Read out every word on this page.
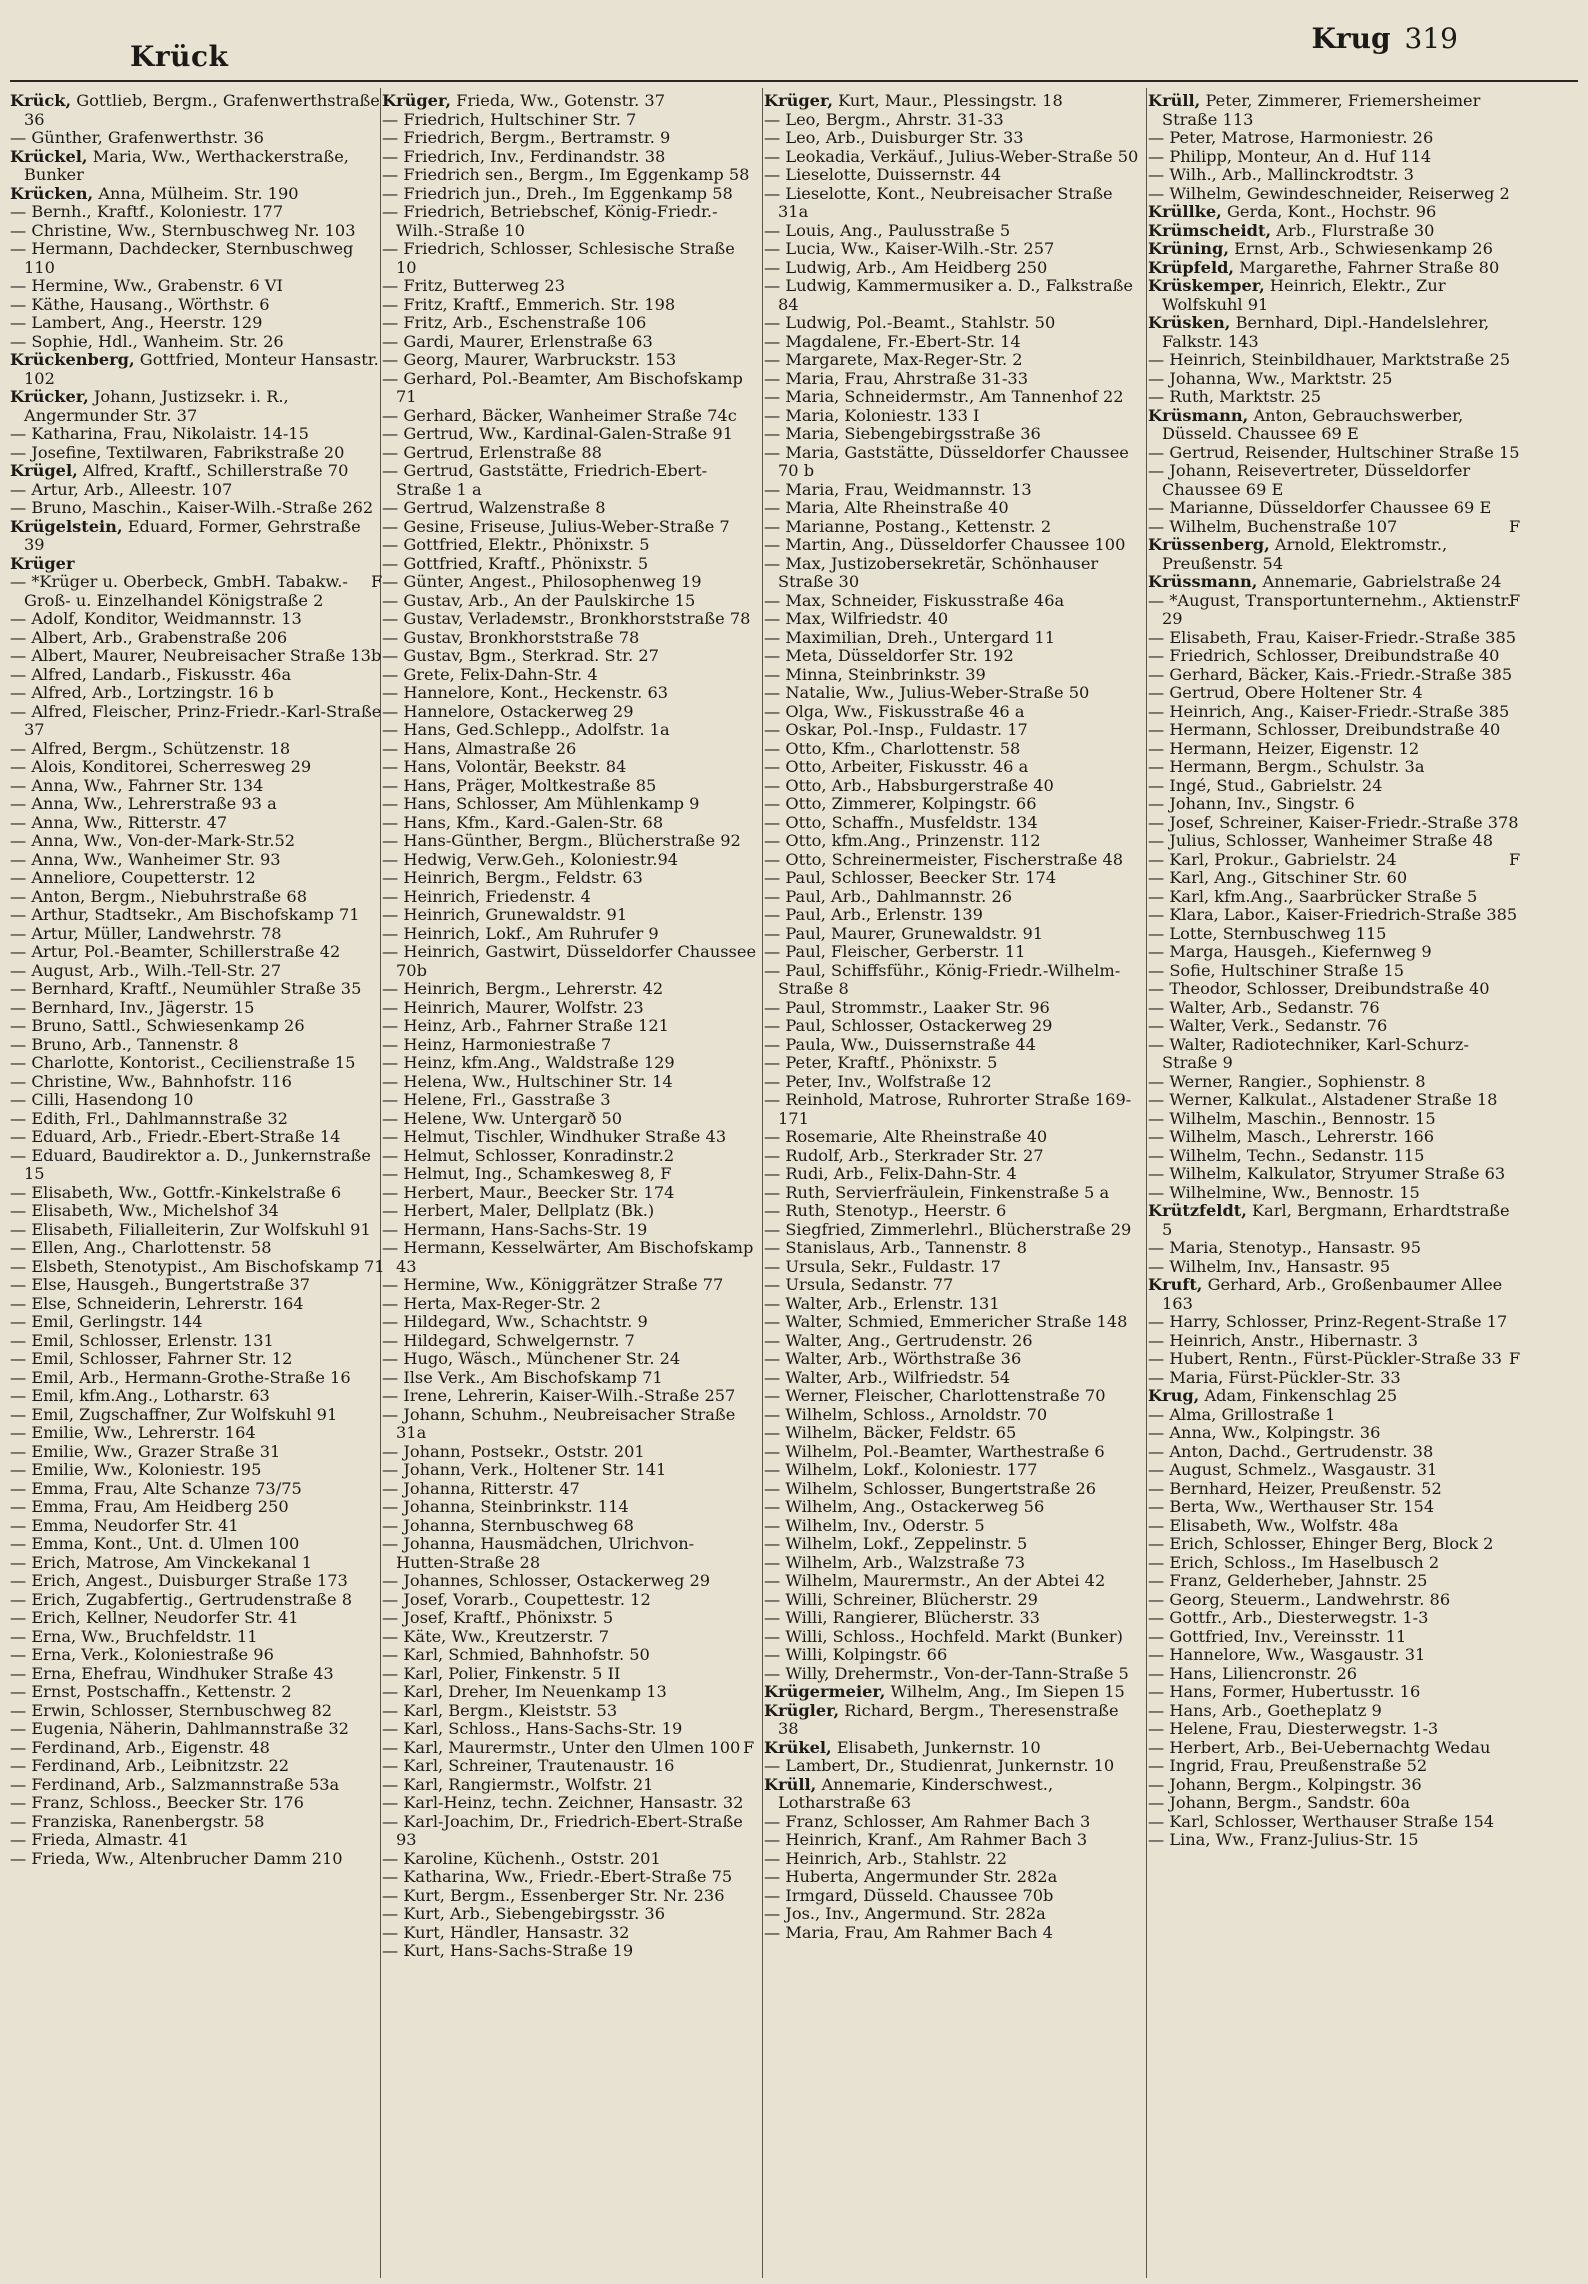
Krück
Krug 319
Krück, Gottlieb, Bergm., Grafenwerthstraße 36
— Günther, Grafenwerthstr. 36
Krückel, Maria, Ww., Werthackerstraße, Bunker
Krücken, Anna, Mülheim. Str. 190
— Bernh., Kraftf., Koloniestr. 177
— Christine, Ww., Sternbuschweg Nr. 103
— Hermann, Dachdecker, Sternbuschweg 110
— Hermine, Ww., Grabenstr. 6 VI
— Käthe, Hausang., Wörthstr. 6
— Lambert, Ang., Heerstr. 129
— Sophie, Hdl., Wanheim. Str. 26
Krückenberg, Gottfried, Monteur Hansastr. 102
Krücker, Johann, Justizsekr. i. R., Angermunder Str. 37
— Katharina, Frau, Nikolaistr. 14-15
— Josefine, Textilwaren, Fabrikstraße 20
Krügel, Alfred, Kraftf., Schillerstraße 70
— Artur, Arb., Alleestr. 107
— Bruno, Maschin., Kaiser-Wilh.-Straße 262
Krügelstein, Eduard, Former, Gehrstraße 39
Krüger
F
— *Krüger u. Oberbeck, GmbH. Tabakw.-Groß- u. Einzelhandel Königstraße 2
— Adolf, Konditor, Weidmannstr. 13
— Albert, Arb., Grabenstraße 206
— Albert, Maurer, Neubreisacher Straße 13b
— Alfred, Landarb., Fiskusstr. 46a
— Alfred, Arb., Lortzingstr. 16 b
— Alfred, Fleischer, Prinz-Friedr.-Karl-Straße 37
— Alfred, Bergm., Schützenstr. 18
— Alois, Konditorei, Scherresweg 29
— Anna, Ww., Fahrner Str. 134
— Anna, Ww., Lehrerstraße 93 a
— Anna, Ww., Ritterstr. 47
— Anna, Ww., Von-der-Mark-Str.52
— Anna, Ww., Wanheimer Str. 93
— Anneliore, Coupetterstr. 12
— Anton, Bergm., Niebuhrstraße 68
— Arthur, Stadtsekr., Am Bischofskamp 71
— Artur, Müller, Landwehrstr. 78
— Artur, Pol.-Beamter, Schillerstraße 42
— August, Arb., Wilh.-Tell-Str. 27
— Bernhard, Kraftf., Neumühler Straße 35
— Bernhard, Inv., Jägerstr. 15
— Bruno, Sattl., Schwiesenkamp 26
— Bruno, Arb., Tannenstr. 8
— Charlotte, Kontorist., Cecilienstraße 15
— Christine, Ww., Bahnhofstr. 116
— Cilli, Hasendong 10
— Edith, Frl., Dahlmannstraße 32
— Eduard, Arb., Friedr.-Ebert-Straße 14
— Eduard, Baudirektor a. D., Junkernstraße 15
— Elisabeth, Ww., Gottfr.-Kinkelstraße 6
— Elisabeth, Ww., Michelshof 34
— Elisabeth, Filialleiterin, Zur Wolfskuhl 91
— Ellen, Ang., Charlottenstr. 58
— Elsbeth, Stenotypist., Am Bischofskamp 71
— Else, Hausgeh., Bungertstraße 37
— Else, Schneiderin, Lehrerstr. 164
— Emil, Gerlingstr. 144
— Emil, Schlosser, Erlenstr. 131
— Emil, Schlosser, Fahrner Str. 12
— Emil, Arb., Hermann-Grothe-Straße 16
— Emil, kfm.Ang., Lotharstr. 63
— Emil, Zugschaffner, Zur Wolfskuhl 91
— Emilie, Ww., Lehrerstr. 164
— Emilie, Ww., Grazer Straße 31
— Emilie, Ww., Koloniestr. 195
— Emma, Frau, Alte Schanze 73/75
— Emma, Frau, Am Heidberg 250
— Emma, Neudorfer Str. 41
— Emma, Kont., Unt. d. Ulmen 100
— Erich, Matrose, Am Vinckekanal 1
— Erich, Angest., Duisburger Straße 173
— Erich, Zugabfertig., Gertrudenstraße 8
— Erich, Kellner, Neudorfer Str. 41
— Erna, Ww., Bruchfeldstr. 11
— Erna, Verk., Koloniestraße 96
— Erna, Ehefrau, Windhuker Straße 43
— Ernst, Postschaffn., Kettenstr. 2
— Erwin, Schlosser, Sternbuschweg 82
— Eugenia, Näherin, Dahlmannstraße 32
— Ferdinand, Arb., Eigenstr. 48
— Ferdinand, Arb., Leibnitzstr. 22
— Ferdinand, Arb., Salzmannstraße 53a
— Franz, Schloss., Beecker Str. 176
— Franziska, Ranenbergstr. 58
— Frieda, Almastr. 41
— Frieda, Ww., Altenbrucher Damm 210
Krüger, Frieda, Ww., Gotenstr. 37
— Friedrich, Hultschiner Str. 7
— Friedrich, Bergm., Bertramstr. 9
— Friedrich, Inv., Ferdinandstr. 38
— Friedrich sen., Bergm., Im Eggenkamp 58
— Friedrich jun., Dreh., Im Eggenkamp 58
— Friedrich, Betriebschef, König-Friedr.-Wilh.-Straße 10
— Friedrich, Schlosser, Schlesische Straße 10
— Fritz, Butterweg 23
— Fritz, Kraftf., Emmerich. Str. 198
— Fritz, Arb., Eschenstraße 106
— Gardi, Maurer, Erlenstraße 63
— Georg, Maurer, Warbruckstr. 153
— Gerhard, Pol.-Beamter, Am Bischofskamp 71
— Gerhard, Bäcker, Wanheimer Straße 74c
— Gertrud, Ww., Kardinal-Galen-Straße 91
— Gertrud, Erlenstraße 88
— Gertrud, Gaststätte, Friedrich-Ebert-Straße 1 a
— Gertrud, Walzenstraße 8
— Gesine, Friseuse, Julius-Weber-Straße 7
— Gottfried, Elektr., Phönixstr. 5
— Gottfried, Kraftf., Phönixstr. 5
— Günter, Angest., Philosophenweg 19
— Gustav, Arb., An der Paulskirche 15
— Gustav, Verladeмstr., Bronkhorststraße 78
— Gustav, Bronkhorststraße 78
— Gustav, Bgm., Sterkrad. Str. 27
— Grete, Felix-Dahn-Str. 4
— Hannelore, Kont., Heckenstr. 63
— Hannelore, Ostackerweg 29
— Hans, Ged.Schlepp., Adolfstr. 1a
— Hans, Almastraße 26
— Hans, Volontär, Beekstr. 84
— Hans, Präger, Moltkestraße 85
— Hans, Schlosser, Am Mühlenkamp 9
— Hans, Kfm., Kard.-Galen-Str. 68
— Hans-Günther, Bergm., Blücherstraße 92
— Hedwig, Verw.Geh., Koloniestr.94
— Heinrich, Bergm., Feldstr. 63
— Heinrich, Friedenstr. 4
— Heinrich, Grunewaldstr. 91
— Heinrich, Lokf., Am Ruhrufer 9
— Heinrich, Gastwirt, Düsseldorfer Chaussee 70b
— Heinrich, Bergm., Lehrerstr. 42
— Heinrich, Maurer, Wolfstr. 23
— Heinz, Arb., Fahrner Straße 121
— Heinz, Harmoniestraße 7
— Heinz, kfm.Ang., Waldstraße 129
— Helena, Ww., Hultschiner Str. 14
— Helene, Frl., Gasstraße 3
— Helene, Ww. Untergarð 50
— Helmut, Tischler, Windhuker Straße 43
— Helmut, Schlosser, Konradinstr.2
— Helmut, Ing., Schamkesweg 8, F
— Herbert, Maur., Beecker Str. 174
— Herbert, Maler, Dellplatz (Bk.)
— Hermann, Hans-Sachs-Str. 19
— Hermann, Kesselwärter, Am Bischofskamp 43
— Hermine, Ww., Königgrätzer Straße 77
— Herta, Max-Reger-Str. 2
— Hildegard, Ww., Schachtstr. 9
— Hildegard, Schwelgernstr. 7
— Hugo, Wäsch., Münchener Str. 24
— Ilse Verk., Am Bischofskamp 71
— Irene, Lehrerin, Kaiser-Wilh.-Straße 257
— Johann, Schuhm., Neubreisacher Straße 31a
— Johann, Postsekr., Oststr. 201
— Johann, Verk., Holtener Str. 141
— Johanna, Ritterstr. 47
— Johanna, Steinbrinkstr. 114
— Johanna, Sternbuschweg 68
— Johanna, Hausmädchen, Ulrichvon-Hutten-Straße 28
— Johannes, Schlosser, Ostackerweg 29
— Josef, Vorarb., Coupettestr. 12
— Josef, Kraftf., Phönixstr. 5
— Käte, Ww., Kreutzerstr. 7
— Karl, Schmied, Bahnhofstr. 50
— Karl, Polier, Finkenstr. 5 II
— Karl, Dreher, Im Neuenkamp 13
— Karl, Bergm., Kleiststr. 53
— Karl, Schloss., Hans-Sachs-Str. 19
F
— Karl, Maurermstr., Unter den Ulmen 100
— Karl, Schreiner, Trautenaustr. 16
— Karl, Rangiermstr., Wolfstr. 21
— Karl-Heinz, techn. Zeichner, Hansastr. 32
— Karl-Joachim, Dr., Friedrich-Ebert-Straße 93
— Karoline, Küchenh., Oststr. 201
— Katharina, Ww., Friedr.-Ebert-Straße 75
— Kurt, Bergm., Essenberger Str. Nr. 236
— Kurt, Arb., Siebengebirgsstr. 36
— Kurt, Händler, Hansastr. 32
— Kurt, Hans-Sachs-Straße 19
Krüger, Kurt, Maur., Plessingstr. 18
— Leo, Bergm., Ahrstr. 31-33
— Leo, Arb., Duisburger Str. 33
— Leokadia, Verkäuf., Julius-Weber-Straße 50
— Lieselotte, Duissernstr. 44
— Lieselotte, Kont., Neubreisacher Straße 31a
— Louis, Ang., Paulusstraße 5
— Lucia, Ww., Kaiser-Wilh.-Str. 257
— Ludwig, Arb., Am Heidberg 250
— Ludwig, Kammermusiker a. D., Falkstraße 84
— Ludwig, Pol.-Beamt., Stahlstr. 50
— Magdalene, Fr.-Ebert-Str. 14
— Margarete, Max-Reger-Str. 2
— Maria, Frau, Ahrstraße 31-33
— Maria, Schneidermstr., Am Tannenhof 22
— Maria, Koloniestr. 133 I
— Maria, Siebengebirgsstraße 36
— Maria, Gaststätte, Düsseldorfer Chaussee 70 b
— Maria, Frau, Weidmannstr. 13
— Maria, Alte Rheinstraße 40
— Marianne, Postang., Kettenstr. 2
— Martin, Ang., Düsseldorfer Chaussee 100
— Max, Justizobersekretär, Schönhauser Straße 30
— Max, Schneider, Fiskusstraße 46a
— Max, Wilfriedstr. 40
— Maximilian, Dreh., Untergard 11
— Meta, Düsseldorfer Str. 192
— Minna, Steinbrinkstr. 39
— Natalie, Ww., Julius-Weber-Straße 50
— Olga, Ww., Fiskusstraße 46 a
— Oskar, Pol.-Insp., Fuldastr. 17
— Otto, Kfm., Charlottenstr. 58
— Otto, Arbeiter, Fiskusstr. 46 a
— Otto, Arb., Habsburgerstraße 40
— Otto, Zimmerer, Kolpingstr. 66
— Otto, Schaffn., Musfeldstr. 134
— Otto, kfm.Ang., Prinzenstr. 112
— Otto, Schreinermeister, Fischerstraße 48
— Paul, Schlosser, Beecker Str. 174
— Paul, Arb., Dahlmannstr. 26
— Paul, Arb., Erlenstr. 139
— Paul, Maurer, Grunewaldstr. 91
— Paul, Fleischer, Gerberstr. 11
— Paul, Schiffsführ., König-Friedr.-Wilhelm-Straße 8
— Paul, Strommstr., Laaker Str. 96
— Paul, Schlosser, Ostackerweg 29
— Paula, Ww., Duissernstraße 44
— Peter, Kraftf., Phönixstr. 5
— Peter, Inv., Wolfstraße 12
— Reinhold, Matrose, Ruhrorter Straße 169-171
— Rosemarie, Alte Rheinstraße 40
— Rudolf, Arb., Sterkrader Str. 27
— Rudi, Arb., Felix-Dahn-Str. 4
— Ruth, Servierfräulein, Finkenstraße 5 a
— Ruth, Stenotyp., Heerstr. 6
— Siegfried, Zimmerlehrl., Blücherstraße 29
— Stanislaus, Arb., Tannenstr. 8
— Ursula, Sekr., Fuldastr. 17
— Ursula, Sedanstr. 77
— Walter, Arb., Erlenstr. 131
— Walter, Schmied, Emmericher Straße 148
— Walter, Ang., Gertrudenstr. 26
— Walter, Arb., Wörthstraße 36
— Walter, Arb., Wilfriedstr. 54
— Werner, Fleischer, Charlottenstraße 70
— Wilhelm, Schloss., Arnoldstr. 70
— Wilhelm, Bäcker, Feldstr. 65
— Wilhelm, Pol.-Beamter, Warthestraße 6
— Wilhelm, Lokf., Koloniestr. 177
— Wilhelm, Schlosser, Bungertstraße 26
— Wilhelm, Ang., Ostackerweg 56
— Wilhelm, Inv., Oderstr. 5
— Wilhelm, Lokf., Zeppelinstr. 5
— Wilhelm, Arb., Walzstraße 73
— Wilhelm, Maurermstr., An der Abtei 42
— Willi, Schreiner, Blücherstr. 29
— Willi, Rangierer, Blücherstr. 33
— Willi, Schloss., Hochfeld. Markt (Bunker)
— Willi, Kolpingstr. 66
— Willy, Drehermstr., Von-der-Tann-Straße 5
Krügermeier, Wilhelm, Ang., Im Siepen 15
Krügler, Richard, Bergm., Theresenstraße 38
Krükel, Elisabeth, Junkernstr. 10
— Lambert, Dr., Studienrat, Junkernstr. 10
Krüll, Annemarie, Kinderschwest., Lotharstraße 63
— Franz, Schlosser, Am Rahmer Bach 3
— Heinrich, Kranf., Am Rahmer Bach 3
— Heinrich, Arb., Stahlstr. 22
— Huberta, Angermunder Str. 282a
— Irmgard, Düsseld. Chaussee 70b
— Jos., Inv., Angermund. Str. 282a
— Maria, Frau, Am Rahmer Bach 4
Krüll, Peter, Zimmerer, Friemersheimer Straße 113
— Peter, Matrose, Harmoniestr. 26
— Philipp, Monteur, An d. Huf 114
— Wilh., Arb., Mallinckrodtstr. 3
— Wilhelm, Gewindeschneider, Reiserweg 2
Krüllke, Gerda, Kont., Hochstr. 96
Krümscheidt, Arb., Flurstraße 30
Krüning, Ernst, Arb., Schwiesenkamp 26
Krüpfeld, Margarethe, Fahrner Straße 80
Krüskemper, Heinrich, Elektr., Zur Wolfskuhl 91
Krüsken, Bernhard, Dipl.-Handelslehrer, Falkstr. 143
— Heinrich, Steinbildhauer, Marktstraße 25
— Johanna, Ww., Marktstr. 25
— Ruth, Marktstr. 25
Krüsmann, Anton, Gebrauchswerber, Düsseld. Chaussee 69 E
— Gertrud, Reisender, Hultschiner Straße 15
— Johann, Reisevertreter, Düsseldorfer Chaussee 69 E
— Marianne, Düsseldorfer Chaussee 69 E
F
— Wilhelm, Buchenstraße 107
Krüssenberg, Arnold, Elektromstr., Preußenstr. 54
Krüssmann, Annemarie, Gabrielstraße 24
F
— *August, Transportunternehm., Aktienstr. 29
— Elisabeth, Frau, Kaiser-Friedr.-Straße 385
— Friedrich, Schlosser, Dreibundstraße 40
— Gerhard, Bäcker, Kais.-Friedr.-Straße 385
— Gertrud, Obere Holtener Str. 4
— Heinrich, Ang., Kaiser-Friedr.-Straße 385
— Hermann, Schlosser, Dreibundstraße 40
— Hermann, Heizer, Eigenstr. 12
— Hermann, Bergm., Schulstr. 3a
— Ingé, Stud., Gabrielstr. 24
— Johann, Inv., Singstr. 6
— Josef, Schreiner, Kaiser-Friedr.-Straße 378
— Julius, Schlosser, Wanheimer Straße 48
F
— Karl, Prokur., Gabrielstr. 24
— Karl, Ang., Gitschiner Str. 60
— Karl, kfm.Ang., Saarbrücker Straße 5
— Klara, Labor., Kaiser-Friedrich-Straße 385
— Lotte, Sternbuschweg 115
— Marga, Hausgeh., Kiefernweg 9
— Sofie, Hultschiner Straße 15
— Theodor, Schlosser, Dreibundstraße 40
— Walter, Arb., Sedanstr. 76
— Walter, Verk., Sedanstr. 76
— Walter, Radiotechniker, Karl-Schurz-Straße 9
— Werner, Rangier., Sophienstr. 8
— Werner, Kalkulat., Alstadener Straße 18
— Wilhelm, Maschin., Bennostr. 15
— Wilhelm, Masch., Lehrerstr. 166
— Wilhelm, Techn., Sedanstr. 115
— Wilhelm, Kalkulator, Stryumer Straße 63
— Wilhelmine, Ww., Bennostr. 15
Krützfeldt, Karl, Bergmann, Erhardtstraße 5
— Maria, Stenotyp., Hansastr. 95
— Wilhelm, Inv., Hansastr. 95
Kruft, Gerhard, Arb., Großenbaumer Allee 163
— Harry, Schlosser, Prinz-Regent-Straße 17
— Heinrich, Anstr., Hibernastr. 3
F
— Hubert, Rentn., Fürst-Pückler-Straße 33
— Maria, Fürst-Pückler-Str. 33
Krug, Adam, Finkenschlag 25
— Alma, Grillostraße 1
— Anna, Ww., Kolpingstr. 36
— Anton, Dachd., Gertrudenstr. 38
— August, Schmelz., Wasgaustr. 31
— Bernhard, Heizer, Preußenstr. 52
— Berta, Ww., Werthauser Str. 154
— Elisabeth, Ww., Wolfstr. 48a
— Erich, Schlosser, Ehinger Berg, Block 2
— Erich, Schloss., Im Haselbusch 2
— Franz, Gelderheber, Jahnstr. 25
— Georg, Steuerm., Landwehrstr. 86
— Gottfr., Arb., Diesterwegstr. 1-3
— Gottfried, Inv., Vereinsstr. 11
— Hannelore, Ww., Wasgaustr. 31
— Hans, Liliencronstr. 26
— Hans, Former, Hubertusstr. 16
— Hans, Arb., Goetheplatz 9
— Helene, Frau, Diesterwegstr. 1-3
— Herbert, Arb., Bei-Uebernachtg Wedau
— Ingrid, Frau, Preußenstraße 52
— Johann, Bergm., Kolpingstr. 36
— Johann, Bergm., Sandstr. 60a
— Karl, Schlosser, Werthauser Straße 154
— Lina, Ww., Franz-Julius-Str. 15
